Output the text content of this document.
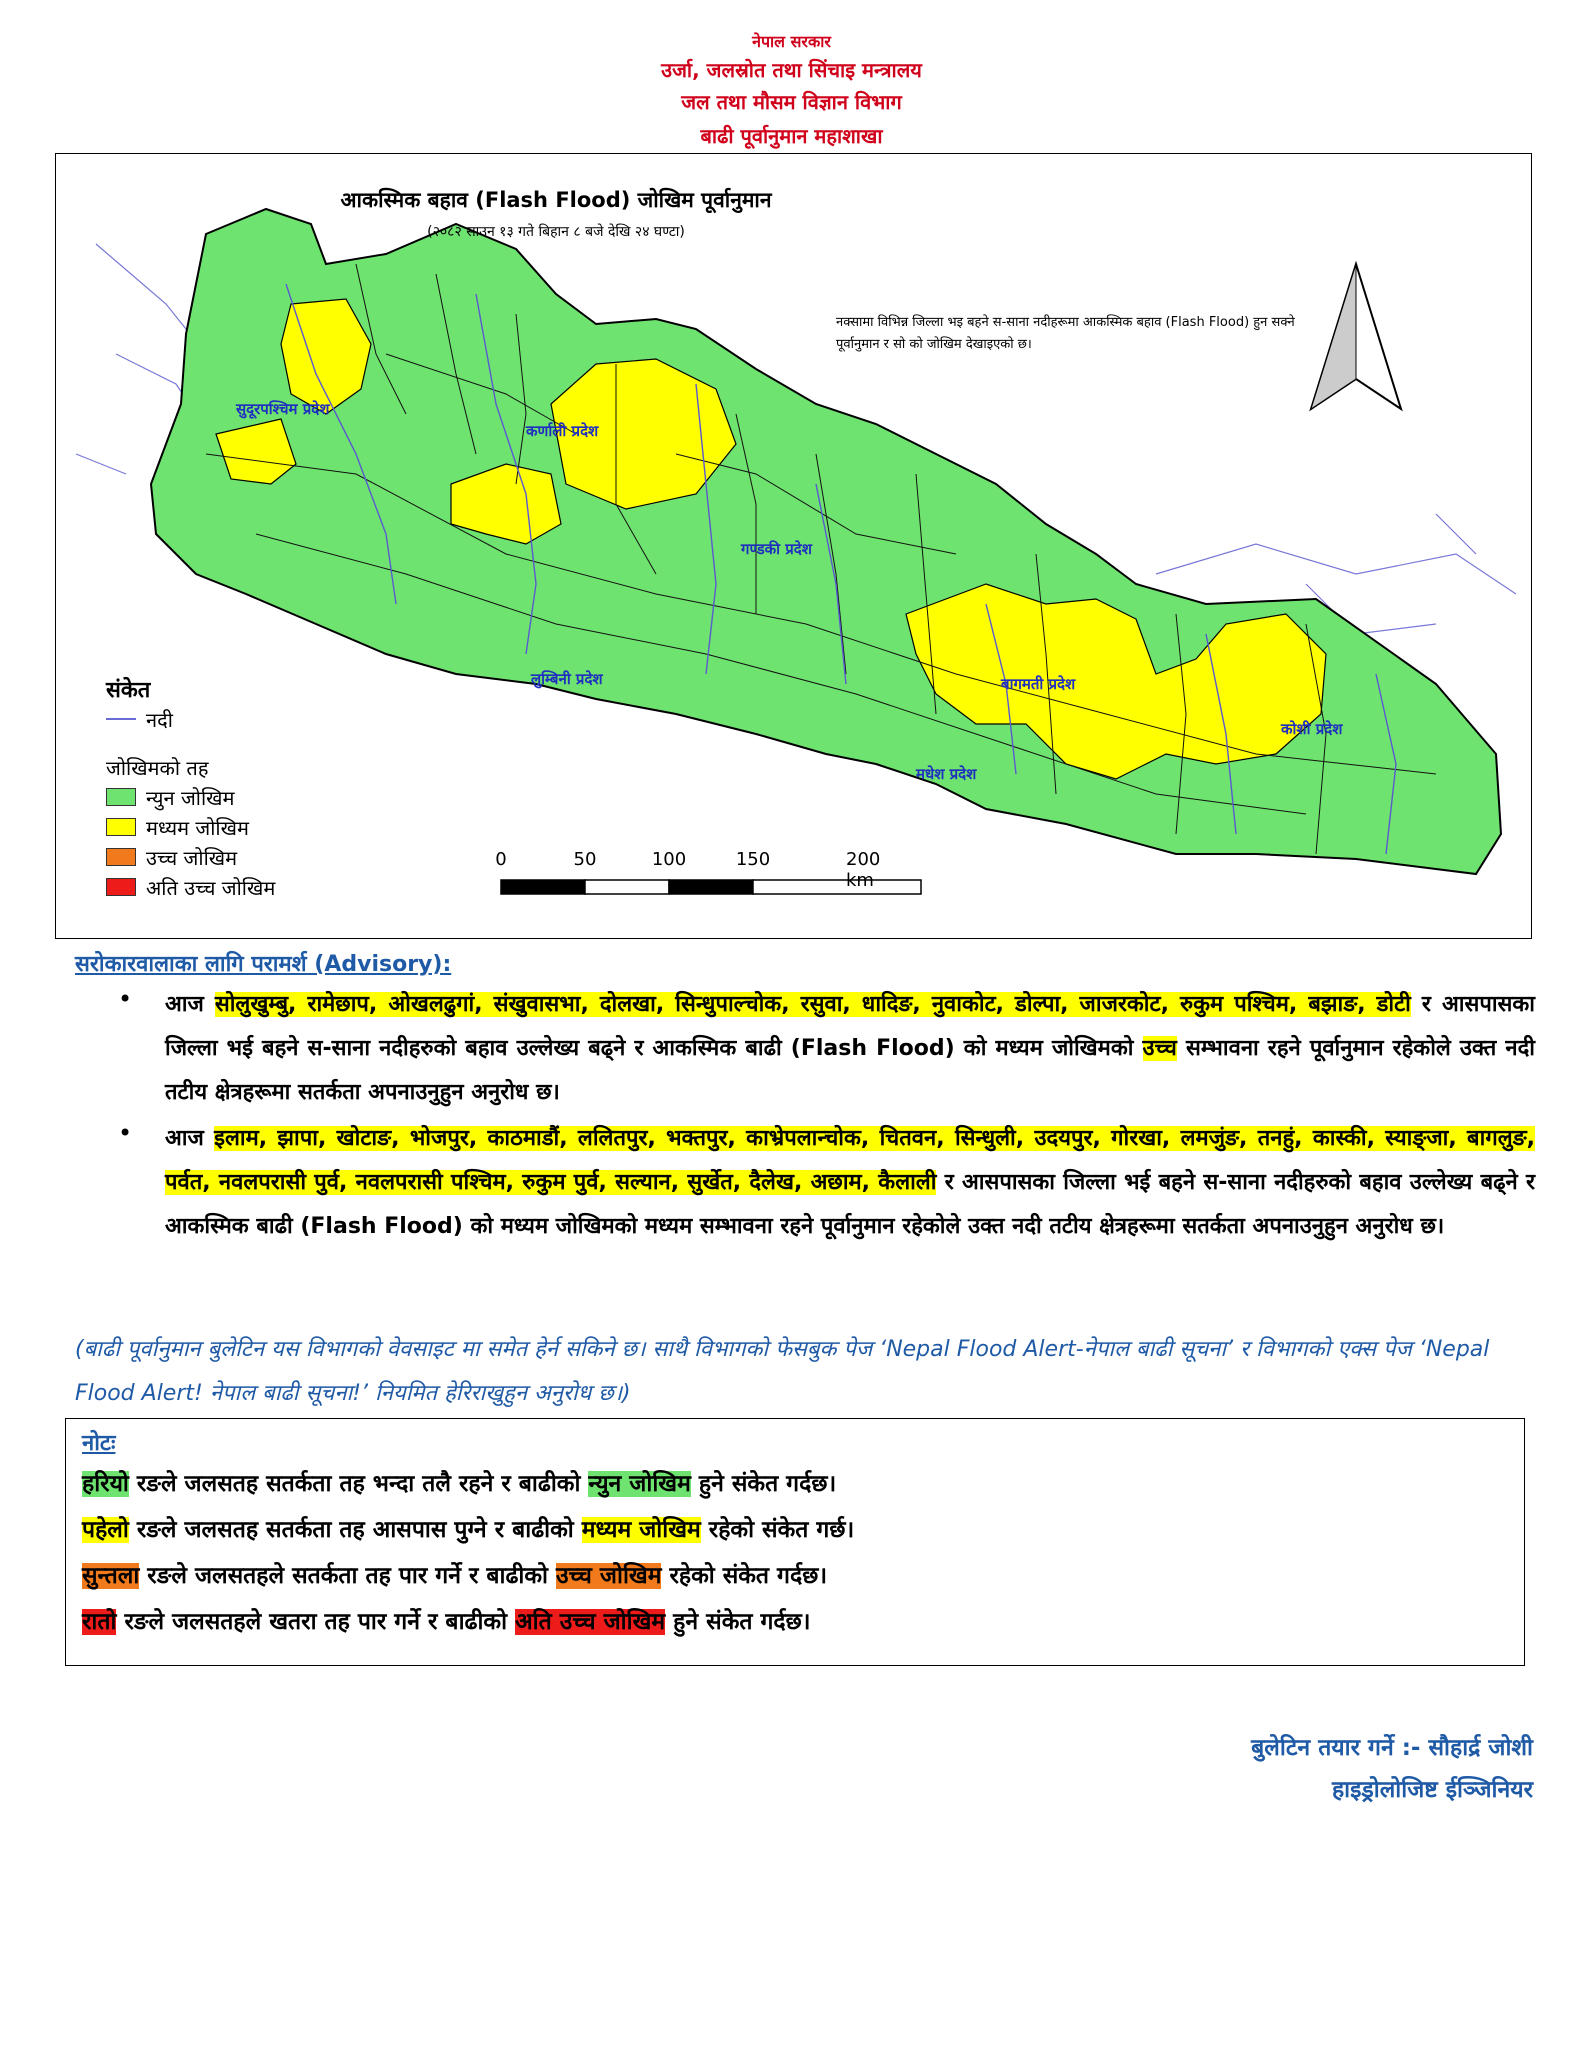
नेपाल सरकार
उर्जा, जलस्रोत तथा सिंचाइ मन्त्रालय
जल तथा मौसम विज्ञान विभाग
बाढी पूर्वानुमान महाशाखा
सुदूरपश्चिम प्रदेश
कर्णाली प्रदेश
गण्डकी प्रदेश
लुम्बिनी प्रदेश	बागमती प्रदेश
कोशी प्रदेश
मधेश प्रदेश
आकस्मिक बहाव (Flash Flood) जोखिम पूर्वानुमान
(२०८२ साउन १३ गते बिहान ८ बजे देखि २४ घण्टा)
नक्सामा विभिन्न जिल्ला भइ बहने स-साना नदीहरूमा आकस्मिक बहाव (Flash Flood) हुन सक्ने पूर्वानुमान र सो को जोखिम देखाइएको छ।
संकेत
नदी
जोखिमको तह
न्युन जोखिम
मध्यम जोखिम
उच्च जोखिम
अति उच्च जोखिम
0	50	100	150	200 km
सरोकारवालाका लागि परामर्श (Advisory):
• आज सोलुखुम्बु, रामेछाप, ओखलढुगां, संखुवासभा, दोलखा, सिन्धुपाल्चोक, रसुवा, धादिङ, नुवाकोट, डोल्पा, जाजरकोट, रुकुम पश्चिम, बझाङ, डोटी र आसपासका जिल्ला भई बहने स-साना नदीहरुको बहाव उल्लेख्य बढ्ने र आकस्मिक बाढी (Flash Flood) को मध्यम जोखिमको उच्च सम्भावना रहने पूर्वानुमान रहेकोले उक्त नदी तटीय क्षेत्रहरूमा सतर्कता अपनाउनुहुन अनुरोध छ।
• आज इलाम, झापा, खोटाङ, भोजपुर, काठमाडौं, ललितपुर, भक्तपुर, काभ्रेपलान्चोक, चितवन, सिन्धुली, उदयपुर, गोरखा, लमजुंङ, तनहुं, कास्की, स्याङ्जा, बागलुङ, पर्वत, नवलपरासी पुर्व, नवलपरासी पश्चिम, रुकुम पुर्व, सल्यान, सुर्खेत, दैलेख, अछाम, कैलाली र आसपासका जिल्ला भई बहने स-साना नदीहरुको बहाव उल्लेख्य बढ्ने र आकस्मिक बाढी (Flash Flood) को मध्यम जोखिमको मध्यम सम्भावना रहने पूर्वानुमान रहेकोले उक्त नदी तटीय क्षेत्रहरूमा सतर्कता अपनाउनुहुन अनुरोध छ।
(बाढी पूर्वानुमान बुलेटिन यस विभागको वेवसाइट मा समेत हेर्न सकिने छ। साथै विभागको फेसबुक पेज ‘Nepal Flood Alert-नेपाल बाढी सूचना’ र विभागको एक्स पेज ‘Nepal Flood Alert! नेपाल बाढी सूचना!’ नियमित हेरिराखुहुन अनुरोध छ।)
नोटः
हरियो रङले जलसतह सतर्कता तह भन्दा तलै रहने र बाढीको न्युन जोखिम हुने संकेत गर्दछ।
पहेलो रङले जलसतह सतर्कता तह आसपास पुग्ने र बाढीको मध्यम जोखिम रहेको संकेत गर्छ।
सुन्तला रङले जलसतहले सतर्कता तह पार गर्ने र बाढीको उच्च जोखिम रहेको संकेत गर्दछ।
रातो रङले जलसतहले खतरा तह पार गर्ने र बाढीको अति उच्च जोखिम हुने संकेत गर्दछ।
बुलेटिन तयार गर्ने :- सौहार्द्र जोशी
हाइड्रोलोजिष्ट ईञ्जिनियर
